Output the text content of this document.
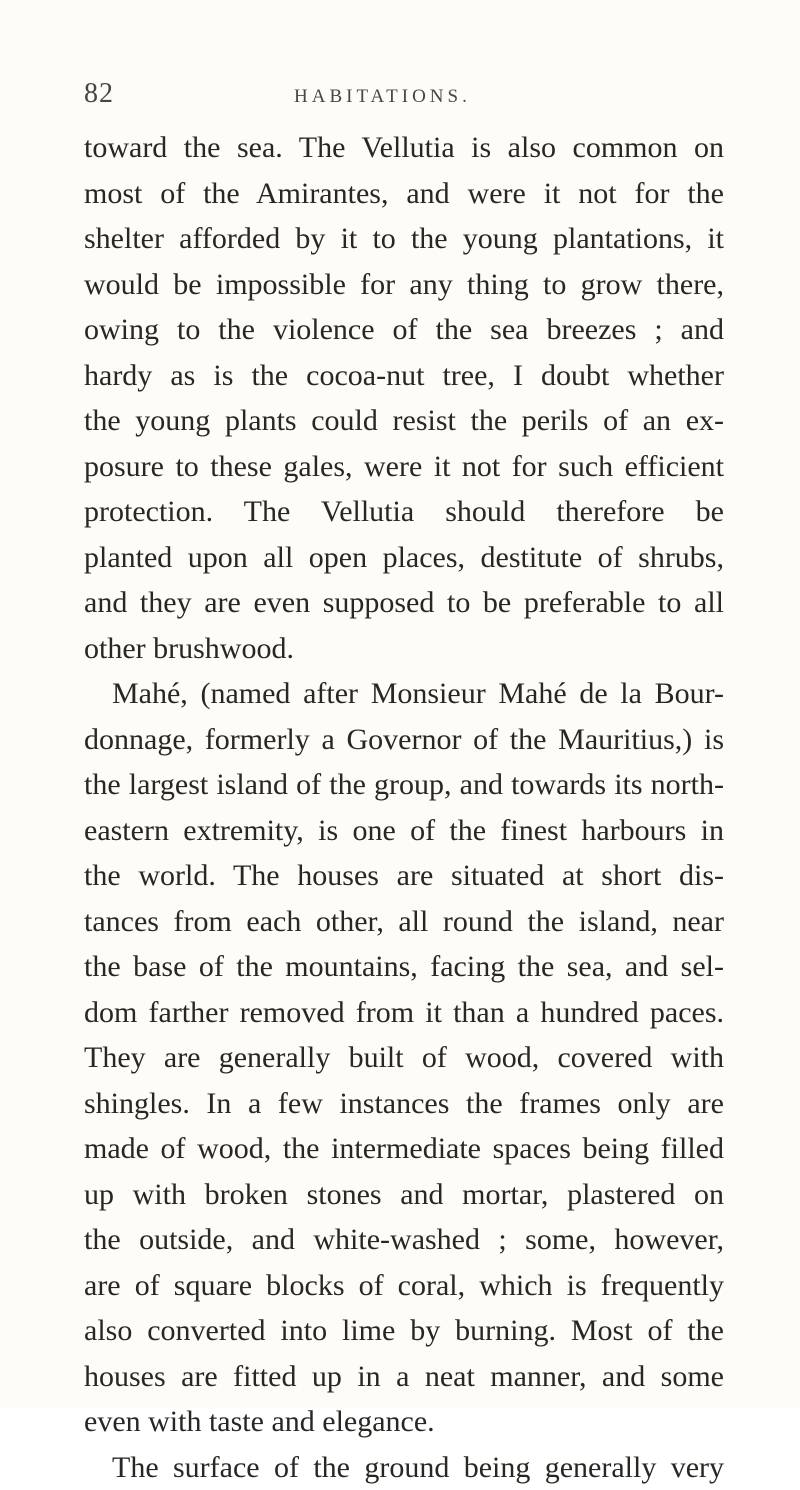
82	HABITATIONS.
toward the sea. The Vellutia is also common on
most of the Amirantes, and were it not for the
shelter afforded by it to the young plantations, it
would be impossible for any thing to grow there,
owing to the violence of the sea breezes ; and
hardy as is the cocoa-nut tree, I doubt whether
the young plants could resist the perils of an ex-
posure to these gales, were it not for such efficient
protection. The Vellutia should therefore be
planted upon all open places, destitute of shrubs,
and they are even supposed to be preferable to all
other brushwood.
Mahé, (named after Monsieur Mahé de la Bour-
donnage, formerly a Governor of the Mauritius,) is
the largest island of the group, and towards its north-
eastern extremity, is one of the finest harbours in
the world. The houses are situated at short dis-
tances from each other, all round the island, near
the base of the mountains, facing the sea, and sel-
dom farther removed from it than a hundred paces.
They are generally built of wood, covered with
shingles. In a few instances the frames only are
made of wood, the intermediate spaces being filled
up with broken stones and mortar, plastered on
the outside, and white-washed ; some, however,
are of square blocks of coral, which is frequently
also converted into lime by burning. Most of the
houses are fitted up in a neat manner, and some
even with taste and elegance.
The surface of the ground being generally very
